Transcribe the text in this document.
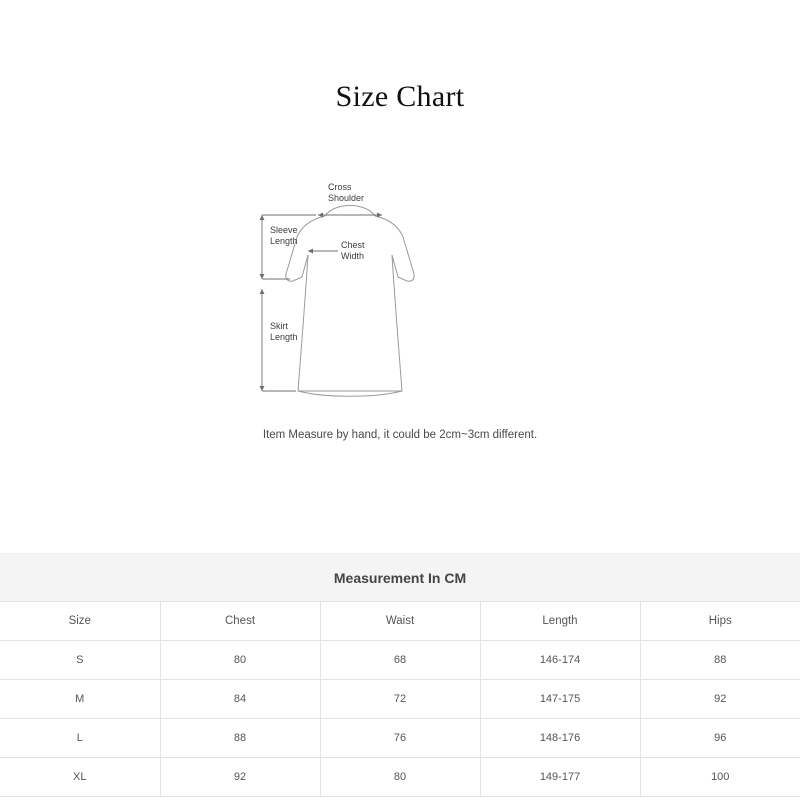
Size Chart
Cross
Shoulder
Sleeve
Length	Chest
Width
Skirt
Length
Item Measure by hand, it could be 2cm~3cm different.
Measurement In CM				
Size	Chest	Waist	Length	Hips
S	80	68	146-174	88
M	84	72	147-175	92
L	88	76	148-176	96
XL	92	80	149-177	100
